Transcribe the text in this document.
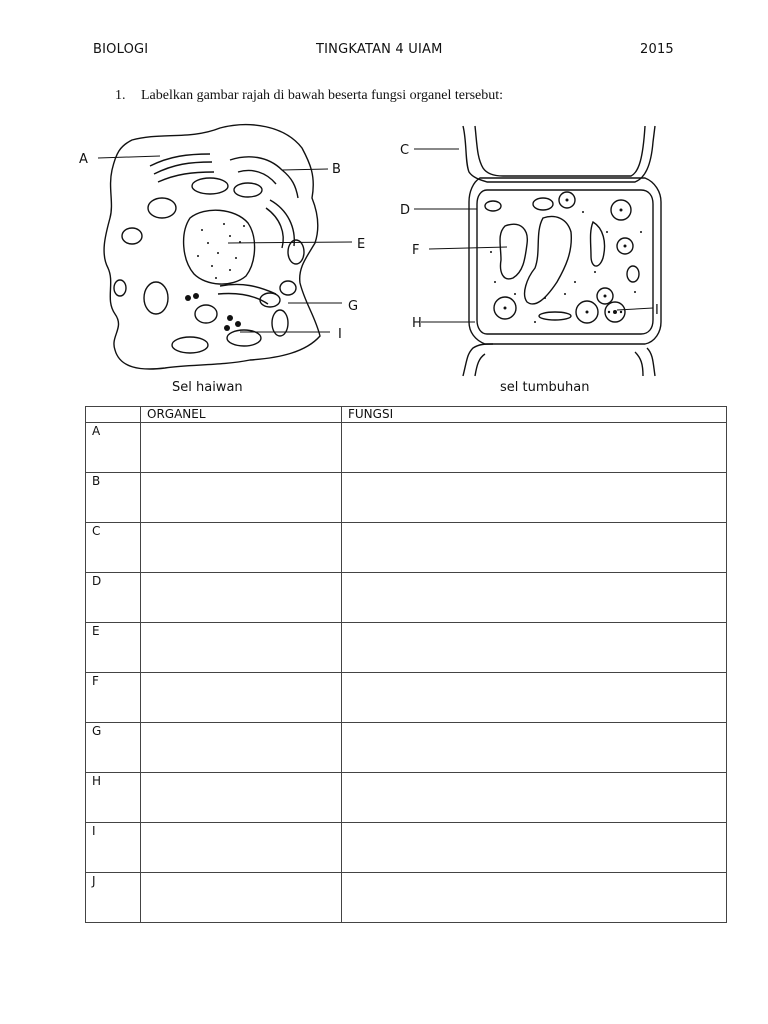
BIOLOGI	TINGKATAN 4 UIAM	2015
1. Labelkan gambar rajah di bawah beserta fungsi organel tersebut:
A
B
E
G
I
C
D
F
H
I
Sel haiwan	sel tumbuhan
	ORGANEL	FUNGSI
A		
B		
C		
D		
E		
F		
G		
H		
I		
J		
